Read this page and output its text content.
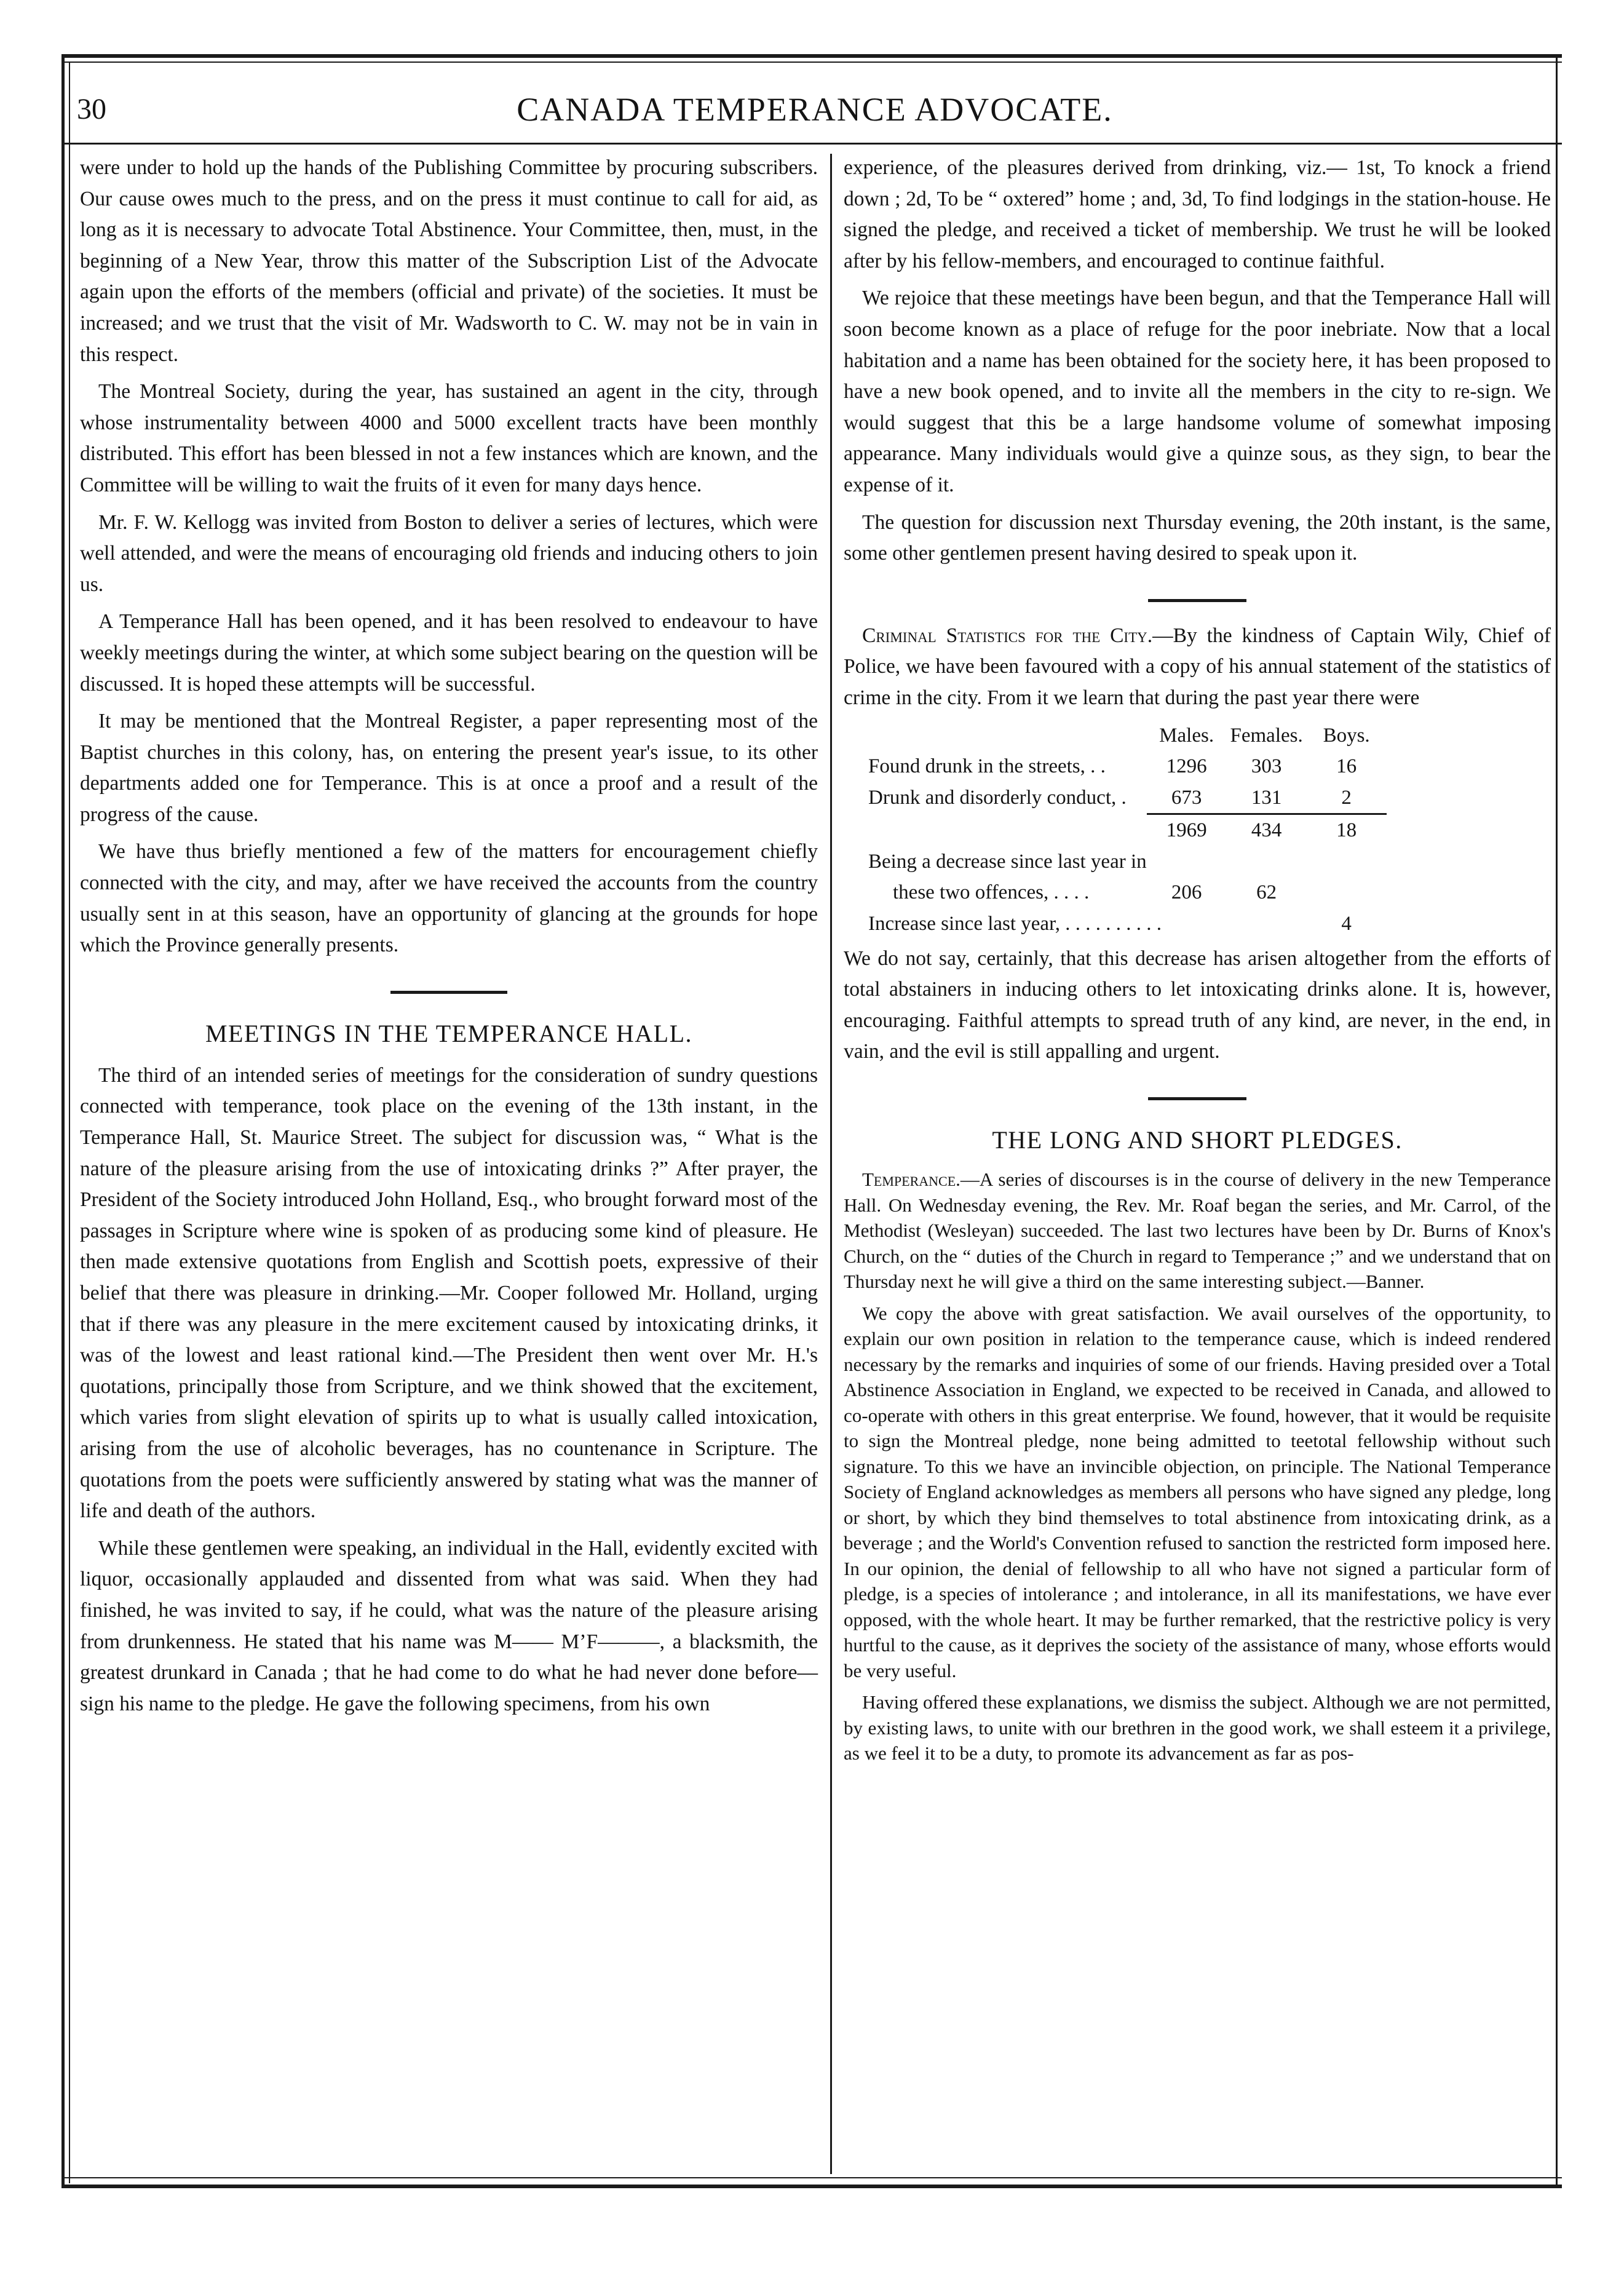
30	CANADA TEMPERANCE ADVOCATE.

were under to hold up the hands of the Publishing Committee by procuring subscribers. Our cause owes much to the press, and on the press it must continue to call for aid, as long as it is necessary to advocate Total Abstinence. Your Committee, then, must, in the beginning of a New Year, throw this matter of the Subscription List of the Advocate again upon the efforts of the members (official and private) of the societies. It must be increased; and we trust that the visit of Mr. Wadsworth to C. W. may not be in vain in this respect.

The Montreal Society, during the year, has sustained an agent in the city, through whose instrumentality between 4000 and 5000 excellent tracts have been monthly distributed. This effort has been blessed in not a few instances which are known, and the Committee will be willing to wait the fruits of it even for many days hence.

Mr. F. W. Kellogg was invited from Boston to deliver a series of lectures, which were well attended, and were the means of encouraging old friends and inducing others to join us.

A Temperance Hall has been opened, and it has been resolved to endeavour to have weekly meetings during the winter, at which some subject bearing on the question will be discussed. It is hoped these attempts will be successful.

It may be mentioned that the Montreal Register, a paper representing most of the Baptist churches in this colony, has, on entering the present year's issue, to its other departments added one for Temperance. This is at once a proof and a result of the progress of the cause.

We have thus briefly mentioned a few of the matters for encouragement chiefly connected with the city, and may, after we have received the accounts from the country usually sent in at this season, have an opportunity of glancing at the grounds for hope which the Province generally presents.

MEETINGS IN THE TEMPERANCE HALL.

The third of an intended series of meetings for the consideration of sundry questions connected with temperance, took place on the evening of the 13th instant, in the Temperance Hall, St. Maurice Street. The subject for discussion was, “ What is the nature of the pleasure arising from the use of intoxicating drinks ?” After prayer, the President of the Society introduced John Holland, Esq., who brought forward most of the passages in Scripture where wine is spoken of as producing some kind of pleasure. He then made extensive quotations from English and Scottish poets, expressive of their belief that there was pleasure in drinking.—Mr. Cooper followed Mr. Holland, urging that if there was any pleasure in the mere excitement caused by intoxicating drinks, it was of the lowest and least rational kind.—The President then went over Mr. H.'s quotations, principally those from Scripture, and we think showed that the excitement, which varies from slight elevation of spirits up to what is usually called intoxication, arising from the use of alcoholic beverages, has no countenance in Scripture. The quotations from the poets were sufficiently answered by stating what was the manner of life and death of the authors.

While these gentlemen were speaking, an individual in the Hall, evidently excited with liquor, occasionally applauded and dissented from what was said. When they had finished, he was invited to say, if he could, what was the nature of the pleasure arising from drunkenness. He stated that his name was M—— M’F———, a blacksmith, the greatest drunkard in Canada ; that he had come to do what he had never done before—sign his name to the pledge. He gave the following specimens, from his own

experience, of the pleasures derived from drinking, viz.— 1st, To knock a friend down ; 2d, To be “ oxtered” home ; and, 3d, To find lodgings in the station-house. He signed the pledge, and received a ticket of membership. We trust he will be looked after by his fellow-members, and encouraged to continue faithful.

We rejoice that these meetings have been begun, and that the Temperance Hall will soon become known as a place of refuge for the poor inebriate. Now that a local habitation and a name has been obtained for the society here, it has been proposed to have a new book opened, and to invite all the members in the city to re-sign. We would suggest that this be a large handsome volume of somewhat imposing appearance. Many individuals would give a quinze sous, as they sign, to bear the expense of it.

The question for discussion next Thursday evening, the 20th instant, is the same, some other gentlemen present having desired to speak upon it.

Criminal Statistics for the City.—By the kindness of Captain Wily, Chief of Police, we have been favoured with a copy of his annual statement of the statistics of crime in the city. From it we learn that during the past year there were

	Males.	Females.	Boys.
Found drunk in the streets, . .	1296	303	16
Drunk and disorderly conduct, .	673	131	2
	1969	434	18
Being a decrease since last year in			
these two offences, . . . .	206	62	
Increase since last year, . . . . . . . . . .			4

We do not say, certainly, that this decrease has arisen altogether from the efforts of total abstainers in inducing others to let intoxicating drinks alone. It is, however, encouraging. Faithful attempts to spread truth of any kind, are never, in the end, in vain, and the evil is still appalling and urgent.

THE LONG AND SHORT PLEDGES.

Temperance.—A series of discourses is in the course of delivery in the new Temperance Hall. On Wednesday evening, the Rev. Mr. Roaf began the series, and Mr. Carrol, of the Methodist (Wesleyan) succeeded. The last two lectures have been by Dr. Burns of Knox's Church, on the “ duties of the Church in regard to Temperance ;” and we understand that on Thursday next he will give a third on the same interesting subject.—Banner.

We copy the above with great satisfaction. We avail ourselves of the opportunity, to explain our own position in relation to the temperance cause, which is indeed rendered necessary by the remarks and inquiries of some of our friends. Having presided over a Total Abstinence Association in England, we expected to be received in Canada, and allowed to co-operate with others in this great enterprise. We found, however, that it would be requisite to sign the Montreal pledge, none being admitted to teetotal fellowship without such signature. To this we have an invincible objection, on principle. The National Temperance Society of England acknowledges as members all persons who have signed any pledge, long or short, by which they bind themselves to total abstinence from intoxicating drink, as a beverage ; and the World's Convention refused to sanction the restricted form imposed here. In our opinion, the denial of fellowship to all who have not signed a particular form of pledge, is a species of intolerance ; and intolerance, in all its manifestations, we have ever opposed, with the whole heart. It may be further remarked, that the restrictive policy is very hurtful to the cause, as it deprives the society of the assistance of many, whose efforts would be very useful.

Having offered these explanations, we dismiss the subject. Although we are not permitted, by existing laws, to unite with our brethren in the good work, we shall esteem it a privilege, as we feel it to be a duty, to promote its advancement as far as pos-
